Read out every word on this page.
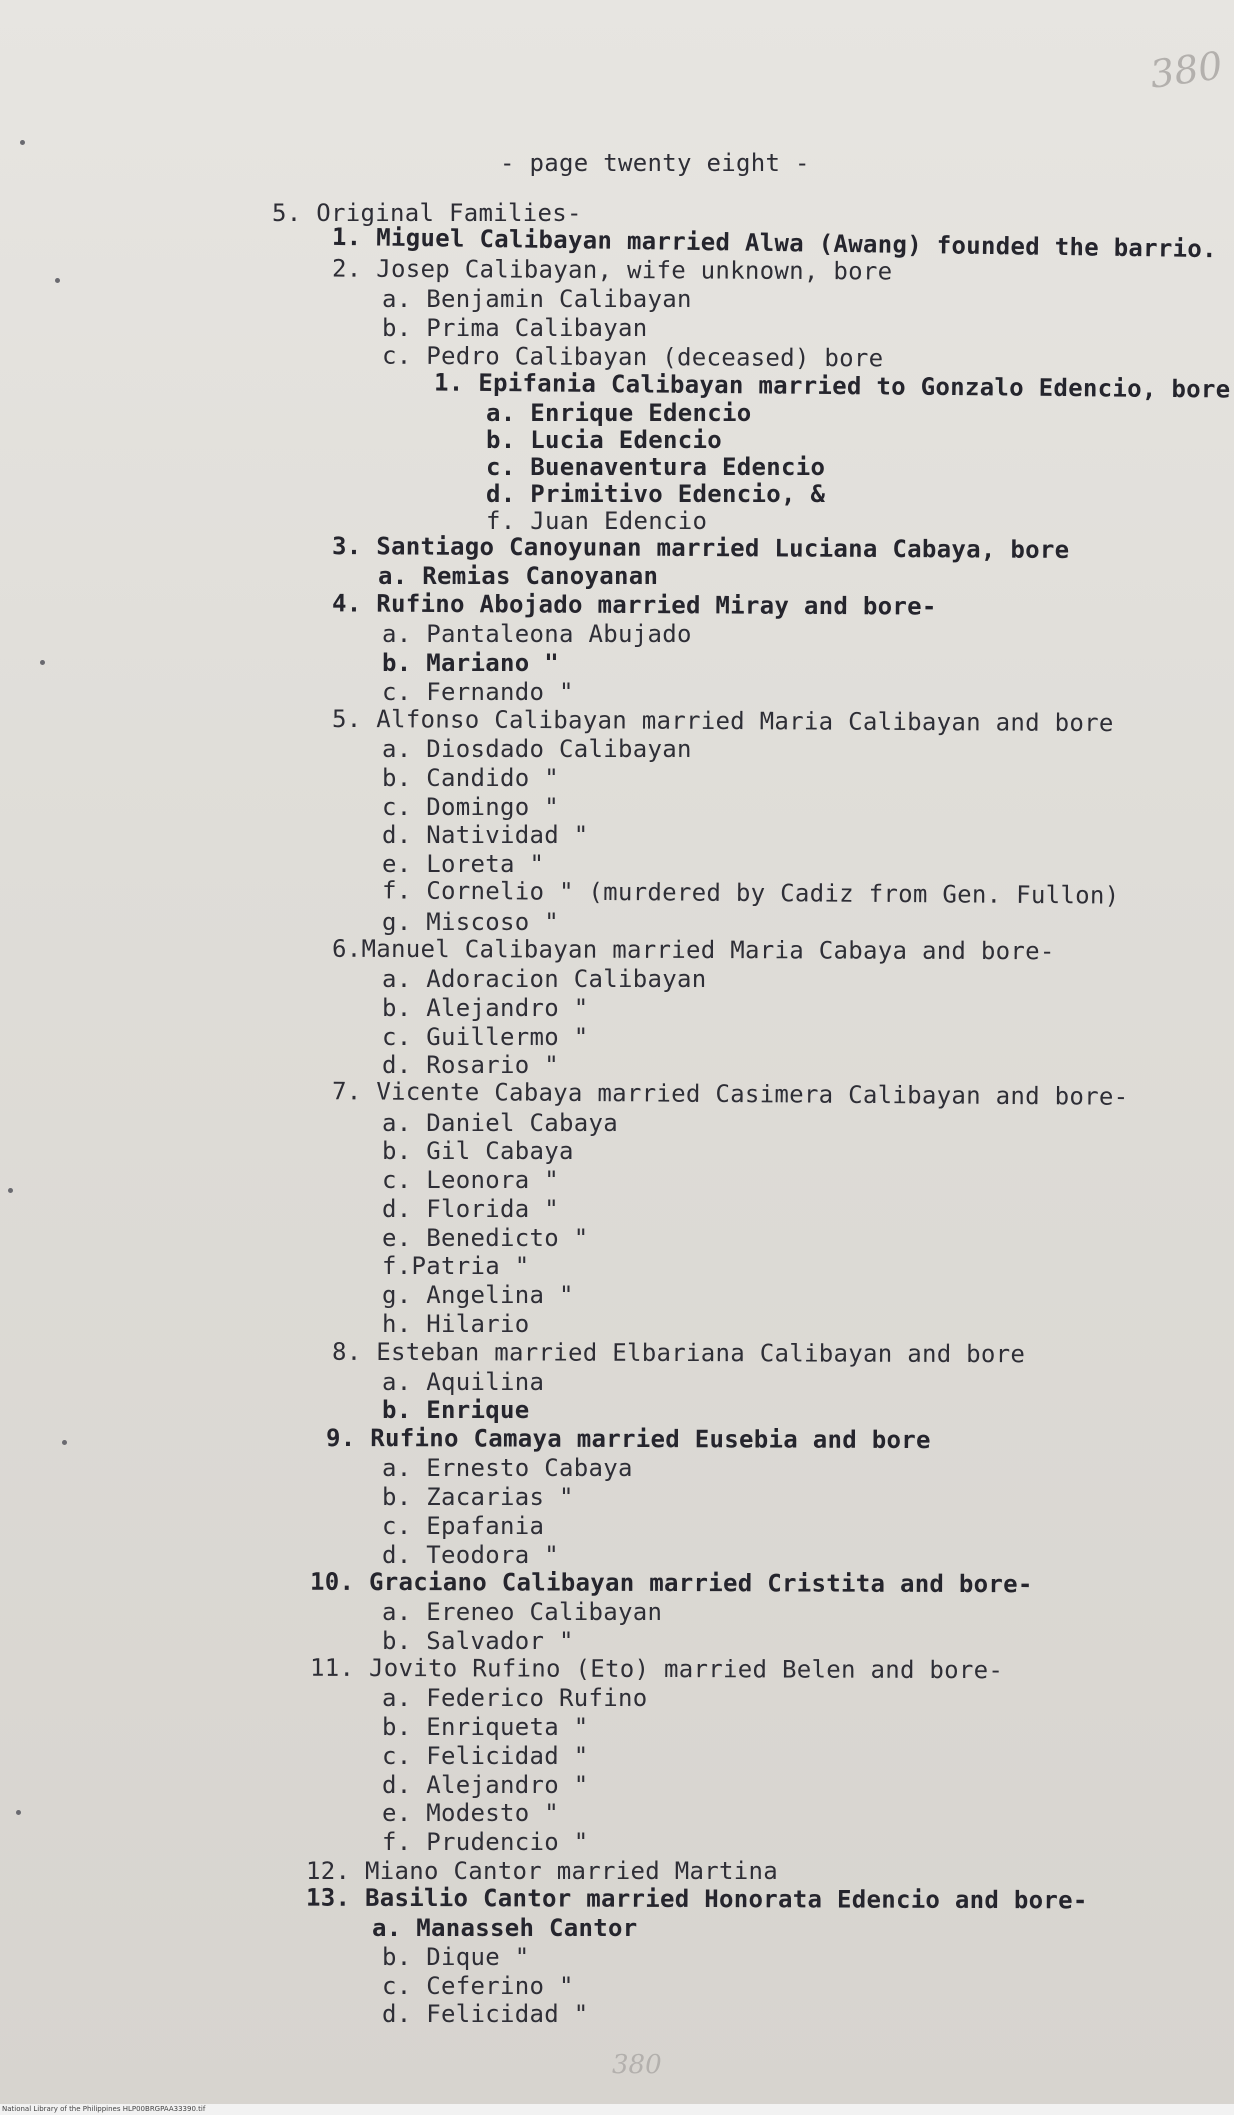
380
- page twenty eight -
5. Original Families-
1. Miguel Calibayan married Alwa (Awang) founded the barrio.
2. Josep Calibayan, wife unknown, bore
a. Benjamin Calibayan
b. Prima Calibayan
c. Pedro Calibayan (deceased) bore
1. Epifania Calibayan married to Gonzalo Edencio, bore
a. Enrique Edencio
b. Lucia Edencio
c. Buenaventura Edencio
d. Primitivo Edencio, &
f. Juan Edencio
3. Santiago Canoyunan married Luciana Cabaya, bore
a. Remias Canoyanan
4. Rufino Abojado married Miray and bore-
a. Pantaleona Abujado
b. Mariano "
c. Fernando "
5. Alfonso Calibayan married Maria Calibayan and bore
a. Diosdado Calibayan
b. Candido "
c. Domingo "
d. Natividad "
e. Loreta "
f. Cornelio " (murdered by Cadiz from Gen. Fullon)
g. Miscoso "
6.Manuel Calibayan married Maria Cabaya and bore-
a. Adoracion Calibayan
b. Alejandro "
c. Guillermo "
d. Rosario "
7. Vicente Cabaya married Casimera Calibayan and bore-
a. Daniel Cabaya
b. Gil Cabaya
c. Leonora "
d. Florida "
e. Benedicto "
f.Patria "
g. Angelina "
h. Hilario
8. Esteban married Elbariana Calibayan and bore
a. Aquilina
b. Enrique
9. Rufino Camaya married Eusebia and bore
a. Ernesto Cabaya
b. Zacarias "
c. Epafania
d. Teodora "
10. Graciano Calibayan married Cristita and bore-
a. Ereneo Calibayan
b. Salvador "
11. Jovito Rufino (Eto) married Belen and bore-
a. Federico Rufino
b. Enriqueta "
c. Felicidad "
d. Alejandro "
e. Modesto "
f. Prudencio "
12. Miano Cantor married Martina
13. Basilio Cantor married Honorata Edencio and bore-
a. Manasseh Cantor
b. Dique "
c. Ceferino "
d. Felicidad "
380
National Library of the Philippines HLP00BRGPAA33390.tif
